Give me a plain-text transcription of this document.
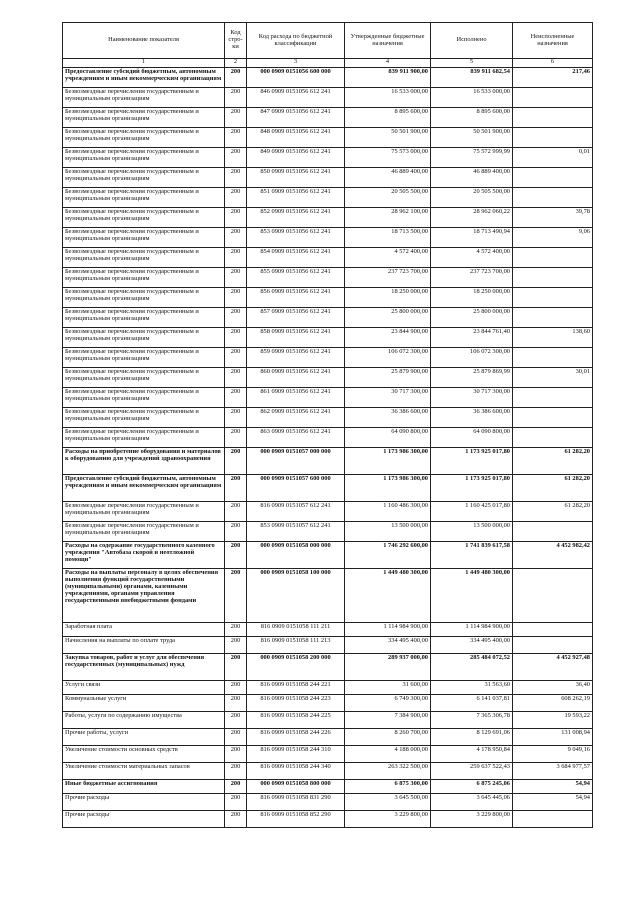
Наименование показателя	Код стро-ки	Код расхода по бюджетной классификации	Утвержденные бюджетные назначения	Исполнено	Неисполненные назначения
1	2	3	4	5	6
Предоставление субсидий бюджетным, автономным учреждениям и иным некоммерческим организациям	200	000 0909 0151056 600 000	839 911 900,00	839 911 682,54	217,46
Безвозмездные перечисления государственным и муниципальным организациям	200	846 0909 0151056 612 241	16 533 000,00	16 533 000,00	
Безвозмездные перечисления государственным и муниципальным организациям	200	847 0909 0151056 612 241	8 895 600,00	8 895 600,00	
Безвозмездные перечисления государственным и муниципальным организациям	200	848 0909 0151056 612 241	50 501 900,00	50 501 900,00	
Безвозмездные перечисления государственным и муниципальным организациям	200	849 0909 0151056 612 241	75 573 000,00	75 572 999,99	0,01
Безвозмездные перечисления государственным и муниципальным организациям	200	850 0909 0151056 612 241	46 889 400,00	46 889 400,00	
Безвозмездные перечисления государственным и муниципальным организациям	200	851 0909 0151056 612 241	20 505 500,00	20 505 500,00	
Безвозмездные перечисления государственным и муниципальным организациям	200	852 0909 0151056 612 241	28 962 100,00	28 962 060,22	39,78
Безвозмездные перечисления государственным и муниципальным организациям	200	853 0909 0151056 612 241	18 713 500,00	18 713 490,94	9,06
Безвозмездные перечисления государственным и муниципальным организациям	200	854 0909 0151056 612 241	4 572 400,00	4 572 400,00	
Безвозмездные перечисления государственным и муниципальным организациям	200	855 0909 0151056 612 241	237 723 700,00	237 723 700,00	
Безвозмездные перечисления государственным и муниципальным организациям	200	856 0909 0151056 612 241	18 250 000,00	18 250 000,00	
Безвозмездные перечисления государственным и муниципальным организациям	200	857 0909 0151056 612 241	25 800 000,00	25 800 000,00	
Безвозмездные перечисления государственным и муниципальным организациям	200	858 0909 0151056 612 241	23 844 900,00	23 844 761,40	138,60
Безвозмездные перечисления государственным и муниципальным организациям	200	859 0909 0151056 612 241	106 072 300,00	106 072 300,00	
Безвозмездные перечисления государственным и муниципальным организациям	200	860 0909 0151056 612 241	25 879 900,00	25 879 869,99	30,01
Безвозмездные перечисления государственным и муниципальным организациям	200	861 0909 0151056 612 241	30 717 300,00	30 717 300,00	
Безвозмездные перечисления государственным и муниципальным организациям	200	862 0909 0151056 612 241	36 386 600,00	36 386 600,00	
Безвозмездные перечисления государственным и муниципальным организациям	200	863 0909 0151056 612 241	64 090 800,00	64 090 800,00	
Расходы на приобретение оборудования и материалов к оборудованию для учреждений здравоохранения	200	000 0909 0151057 000 000	1 173 986 300,00	1 173 925 017,80	61 282,20
Предоставление субсидий бюджетным, автономным учреждениям и иным некоммерческим организациям	200	000 0909 0151057 600 000	1 173 986 300,00	1 173 925 017,80	61 282,20
Безвозмездные перечисления государственным и муниципальным организациям	200	816 0909 0151057 612 241	1 160 486 300,00	1 160 425 017,80	61 282,20
Безвозмездные перечисления государственным и муниципальным организациям	200	853 0909 0151057 612 241	13 500 000,00	13 500 000,00	
Расходы на содержание государственного казенного учреждения "Автобаза скорой и неотложной помощи"	200	000 0909 0151058 000 000	1 746 292 600,00	1 741 839 617,58	4 452 982,42
Расходы на выплаты персоналу в целях обеспечения выполнения функций государственными (муниципальными) органами, казенными учреждениями, органами управления государственными внебюджетными фондами	200	000 0909 0151058 100 000	1 449 480 300,00	1 449 480 300,00	
Заработная плата	200	816 0909 0151058 111 211	1 114 984 900,00	1 114 984 900,00	
Начисления на выплаты по оплате труда	200	816 0909 0151058 111 213	334 495 400,00	334 495 400,00	
Закупка товаров, работ и услуг для обеспечения государственных (муниципальных) нужд	200	000 0909 0151058 200 000	289 937 000,00	285 484 072,52	4 452 927,48
Услуги связи	200	816 0909 0151058 244 221	31 600,00	31 563,60	36,40
Коммунальные услуги	200	816 0909 0151058 244 223	6 749 300,00	6 141 037,81	608 262,19
Работы, услуги по содержанию имущества	200	816 0909 0151058 244 225	7 384 900,00	7 365 306,78	19 593,22
Прочие работы, услуги	200	816 0909 0151058 244 226	8 260 700,00	8 129 691,06	131 008,94
Увеличение стоимости основных средств	200	816 0909 0151058 244 310	4 188 000,00	4 178 950,84	9 049,16
Увеличение стоимости материальных запасов	200	816 0909 0151058 244 340	263 322 500,00	259 637 522,43	3 684 977,57
Иные бюджетные ассигнования	200	000 0909 0151058 800 000	6 875 300,00	6 875 245,06	54,94
Прочие расходы	200	816 0909 0151058 831 290	3 645 500,00	3 645 445,06	54,94
Прочие расходы	200	816 0909 0151058 852 290	3 229 800,00	3 229 800,00	
